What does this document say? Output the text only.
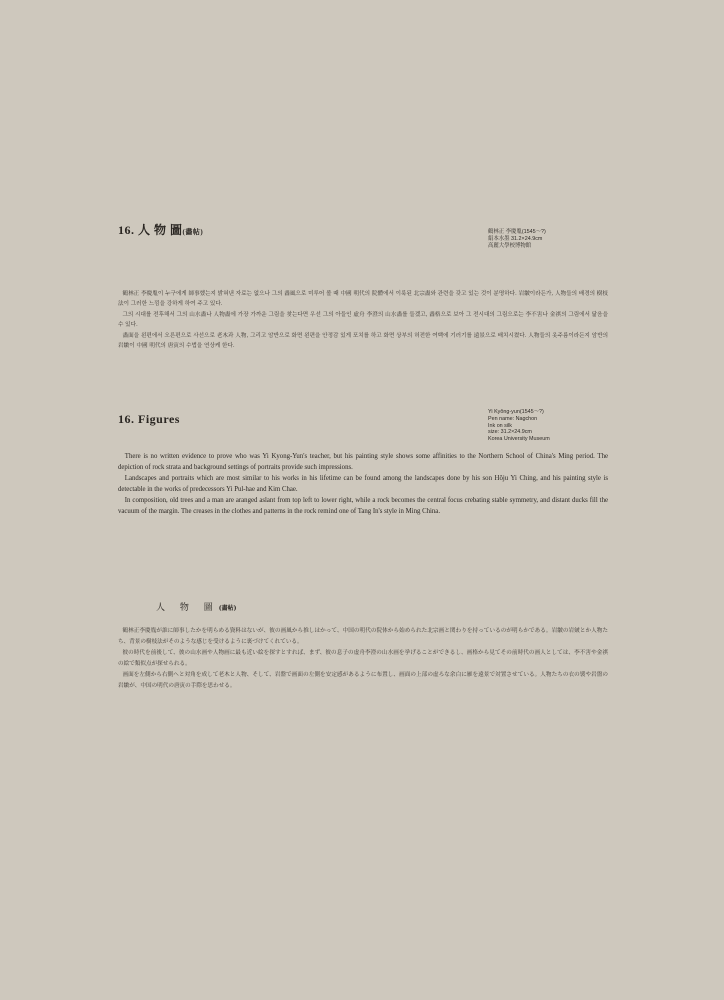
16. 人 物 圖(畵帖)	鶴林正 李慶胤(1545～?)
絹本水墨 31.2×24.9cm
高麗大學校博物館

鶴林正 李慶胤이 누구에게 師事했는지 밝혀낸 자료는 없으나 그의 畵風으로 미루어 볼 때 中國 明代의 院體에서 이룩된 北宗畵와 관련을 갖고 있는 것이 분명하다. 岩皺이라든가, 人物들의 배경의 樹枝法이 그러한 느낌을 강하게 하여 주고 있다.

그의 시대를 전후해서 그의 山水畵나 人物畵에 가장 가까운 그림을 찾는다면 우선 그의 아들인 虛舟 李澄의 山水畵를 들겠고, 畵格으로 보아 그 전시대의 그림으로는 李不害나 金祺의 그림에서 닮음을 수 있다.

畵面을 왼편에서 오른편으로 사선으로 老木과 人物, 그리고 암반으로 화면 왼편을 안정감 있게 포치를 하고 화면 상부의 허전한 여백에 기러기를 遠景으로 배치시켰다. 人物들의 옷주름이라든지 암반의 岩皺이 中國 明代의 唐寅의 수법을 연상케 한다.

16. Figures	Yi Kyŏng-yun(1545～?)
Pen name: Nagchon
Ink on silk
size: 31.2×24.9cm
Korea University Museum

There is no written evidence to prove who was Yi Kyong-Yun's teacher, but his painting style shows some affinities to the Northern School of China's Ming period. The depiction of rock strata and background settings of portraits provide such impressions.

Landscapes and portraits which are most similar to his works in his lifetime can be found among the landscapes done by his son Hŏju Yi Ching, and his painting style is detectable in the works of predecessors Yi Pul-hae and Kim Chae.

In composition, old trees and a man are aranged aslant from top left to lower right, while a rock becomes the central focus crebating stable symmetry, and distant ducks fill the vacuum of the margin. The creases in the clothes and patterns in the rock remind one of Tang In's style in Ming China.

人 物 圖(畵帖)

鶴林正李慶胤が誰に師事したかを明らめる資料はないが、彼の画風から推しはかって、中国の明代の院体から始められた北宗画と関わりを持っているのが明らかである。岩皺の岩皴とか人物たち、背景の樹枝法がそのような感じを受けるように裏づけてくれている。

彼の時代を前後して、彼の山水画や人物画に最も近い絵を探すとすれば、まず、彼の息子の虚舟李澄の山水画を挙げることができるし、画格から見てその前時代の画人としては、李不害や金祺の絵で類似点が探せられる。

画面を左側から右側へと対角を成して老木と人物、そして、岩盤で画面の左側を安定感があるように布置し、画面の上部の虚ろな余白に雁を遠景で対置させている。人物たちの衣の襞や岩盤の岩皺が、中国の明代の唐寅の手際を思わせる。
